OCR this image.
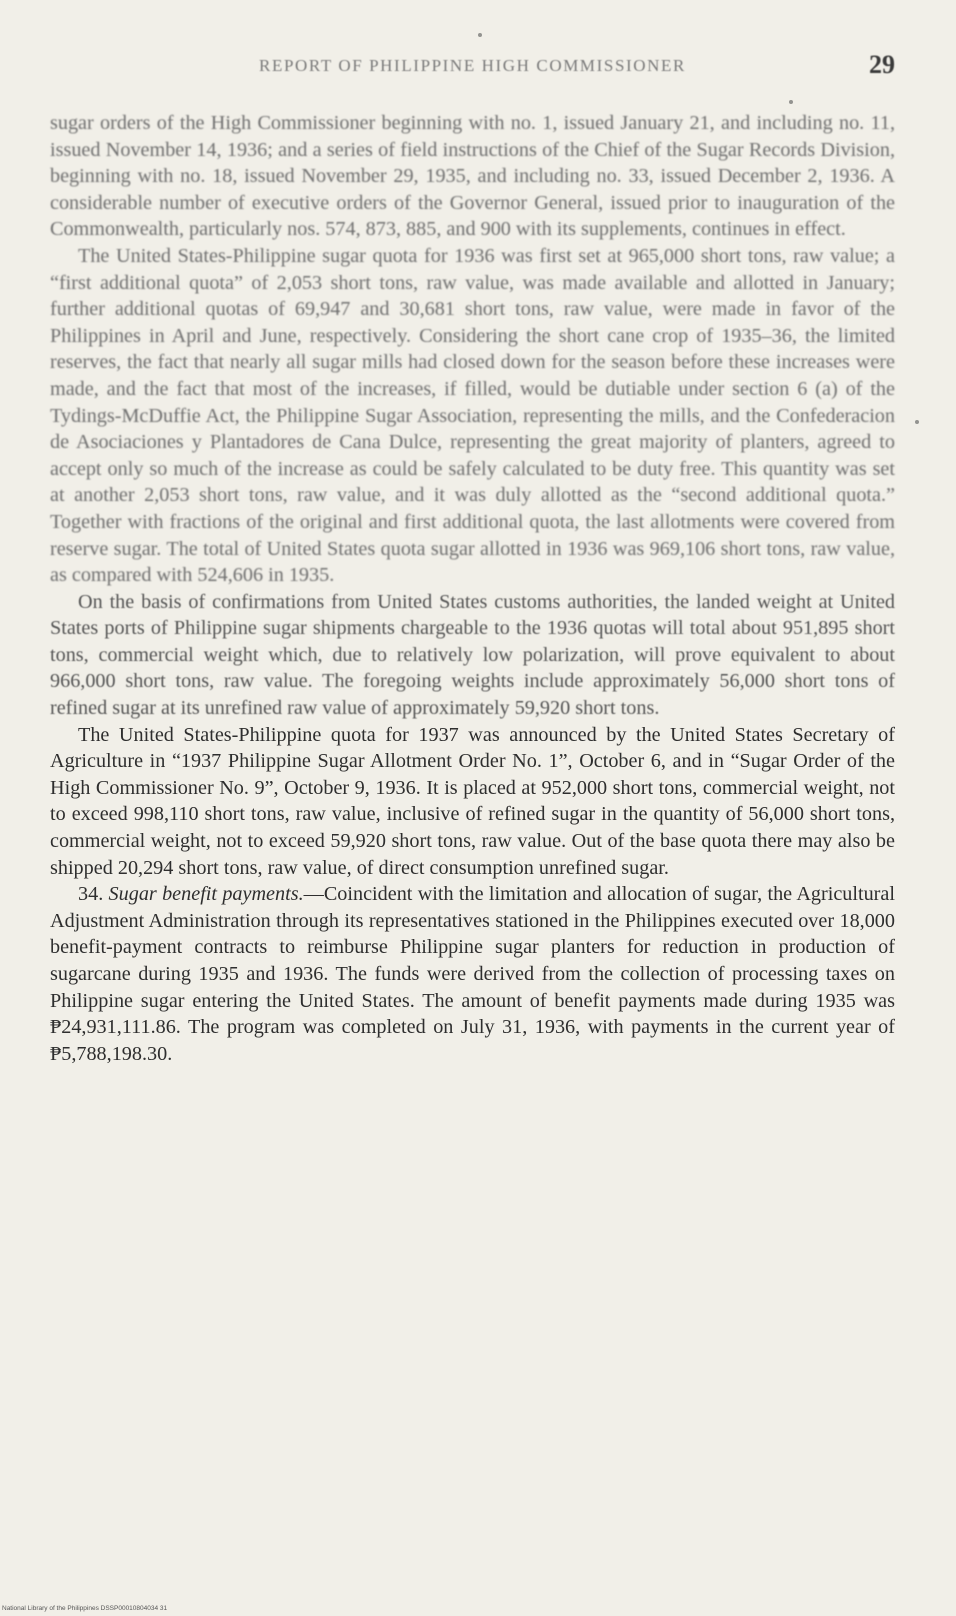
REPORT OF PHILIPPINE HIGH COMMISSIONER	29

sugar orders of the High Commissioner beginning with no. 1, issued January 21, and including no. 11, issued November 14, 1936; and a series of field instructions of the Chief of the Sugar Records Division, beginning with no. 18, issued November 29, 1935, and including no. 33, issued December 2, 1936. A considerable number of executive orders of the Governor General, issued prior to inauguration of the Commonwealth, particularly nos. 574, 873, 885, and 900 with its supplements, continues in effect.

The United States-Philippine sugar quota for 1936 was first set at 965,000 short tons, raw value; a “first additional quota” of 2,053 short tons, raw value, was made available and allotted in January; further additional quotas of 69,947 and 30,681 short tons, raw value, were made in favor of the Philippines in April and June, respectively. Considering the short cane crop of 1935–36, the limited reserves, the fact that nearly all sugar mills had closed down for the season before these increases were made, and the fact that most of the increases, if filled, would be dutiable under section 6 (a) of the Tydings-McDuffie Act, the Philippine Sugar Association, representing the mills, and the Confederacion de Asociaciones y Plantadores de Cana Dulce, representing the great majority of planters, agreed to accept only so much of the increase as could be safely calculated to be duty free. This quantity was set at another 2,053 short tons, raw value, and it was duly allotted as the “second additional quota.” Together with fractions of the original and first additional quota, the last allotments were covered from reserve sugar. The total of United States quota sugar allotted in 1936 was 969,106 short tons, raw value, as compared with 524,606 in 1935.

On the basis of confirmations from United States customs authorities, the landed weight at United States ports of Philippine sugar shipments chargeable to the 1936 quotas will total about 951,895 short tons, commercial weight which, due to relatively low polarization, will prove equivalent to about 966,000 short tons, raw value. The foregoing weights include approximately 56,000 short tons of refined sugar at its unrefined raw value of approximately 59,920 short tons.

The United States-Philippine quota for 1937 was announced by the United States Secretary of Agriculture in “1937 Philippine Sugar Allotment Order No. 1”, October 6, and in “Sugar Order of the High Commissioner No. 9”, October 9, 1936. It is placed at 952,000 short tons, commercial weight, not to exceed 998,110 short tons, raw value, inclusive of refined sugar in the quantity of 56,000 short tons, commercial weight, not to exceed 59,920 short tons, raw value. Out of the base quota there may also be shipped 20,294 short tons, raw value, of direct consumption unrefined sugar.

34. Sugar benefit payments.—Coincident with the limitation and allocation of sugar, the Agricultural Adjustment Administration through its representatives stationed in the Philippines executed over 18,000 benefit-payment contracts to reimburse Philippine sugar planters for reduction in production of sugarcane during 1935 and 1936. The funds were derived from the collection of processing taxes on Philippine sugar entering the United States. The amount of benefit payments made during 1935 was ₱24,931,111.86. The program was completed on July 31, 1936, with payments in the current year of ₱5,788,198.30.

National Library of the Philippines DSSP00010804034 31
